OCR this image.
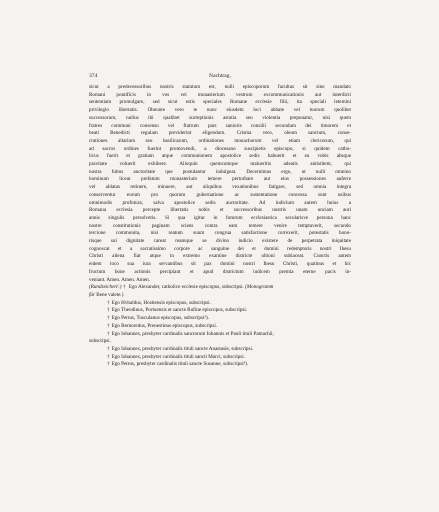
374	Nachtrag.

sicut a predecessoribus nostris statutum est, nulli episcoporum facultas sit sine mandato
Romani pontificis in vos vel monasterium vestrum excommunicationis aut interdicti
sententiam promulgare, sed sicut estis speciales Romane ecclesie filii, ita speciali letemini
privilegio libertatis. Obeunte vero te nunc eiusdem loci abbate vel tuorum quolibet
successorum, nullus ibi qualibet surreptionis astutia seu violentia preponatur, nisi quem
fratres communi consensu vel fratrum pars sanioris consilii secundum dei timorem et
beati Benedicti regulam previderint eligendum. Crisma vero, oleum sanctum, conse-
crationes altarium seu basilicarum, ordinationes monachorum vel etiam clericorum, qui
ad sacros ordines fuerint promovendi, a diocesano suscipietis episcopo, si quidem catho-
licus fuerit et gratiam atque communionem apostolice sedis habuerit et ea vobis absque
pravitate voluerit exhibere. Alioquin quemcumque malueritis adeatis antistitem, qui
nostra fultus auctoritate que postulantur indulgeat. Decernimus ergo, ut nulli omnino
hominum liceat prefatum monasterium temere perturbare aut eius possessiones auferre
vel ablatas retinere, minuere, aut aliquibus vexationibus fatigare, sed omnia integra
conserventur eorum pro quorum gubernatione ac sustentatione concessa sunt usibus
omnimodis profutura, salva apostolice sedis auctoritate. Ad indicium autem huius a
Romana ecclesia percepte libertatis nobis et successoribus nostris unam unciam auri
annis singulis persolvetis. Si qua igitur in futurum ecclesiastica secularisve persona hanc
nostre constitutionis paginam sciens contra eam temere venire temptaverit, secundo
tercione commonita, nisi reatum suum congrua satisfactione correxerit, potestatis hono-
risque sui dignitate careat reamque se divino iudicio existere de perpetrata iniquitate
cognoscat et a sacratissimo corpore ac sanguine dei et domini redemptoris nostri Ihesu
Christi aliena fiat atque in extremo examine districte ultioni subiaceat. Cunctis autem
eidem loco sua iura servantibus sit pax domini nostri Ihesu Christi, quatinus et hic
fructum bone actionis percipiant et apud districtum iudicem premia eterne pacis in-
veniant. Amen. Amen. Amen.

(Rundzeichen¹.) † Ego Alexander, catholice ecclesie episcopus, subscripsi. (Monogramm

für Bene valete.)

† Ego Hvbaldus, Hostiensis episcopus, subscripsi.

† Ego Theodinus, Portuensis et sancte Rufine episcopus, subscripsi.

† Ego Petrus, Tusculanus episcopus, subscripsi²).

† Ego Bernoredus, Prenestinus episcopus, subscripsi.

† Ego Iohannes, presbyter cardinalis sanctorum Iohannis et Pauli tituli Pamachii,

subscripsi.

† Ego Iohannes, presbyter cardinalis tituli sancte Anastasie, subscripsi.

† Ego Iohannes, presbyter cardinalis tituli sancti Marci, subscripsi.

† Ego Petrus, presbyter cardinalis tituli sancte Susanne, subscripsi³).
